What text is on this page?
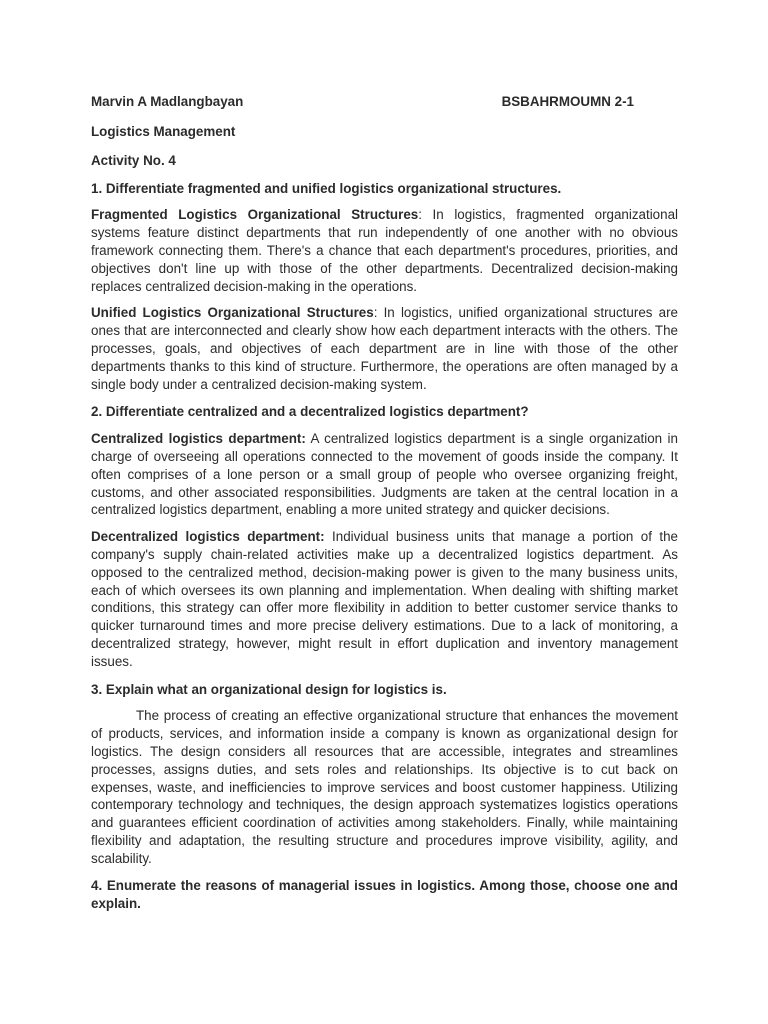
Marvin A Madlangbayan	BSBAHRMOUMN 2-1
Logistics Management
Activity No. 4
1. Differentiate fragmented and unified logistics organizational structures.
Fragmented Logistics Organizational Structures: In logistics, fragmented organizational systems feature distinct departments that run independently of one another with no obvious framework connecting them. There's a chance that each department's procedures, priorities, and objectives don't line up with those of the other departments. Decentralized decision-making replaces centralized decision-making in the operations.
Unified Logistics Organizational Structures: In logistics, unified organizational structures are ones that are interconnected and clearly show how each department interacts with the others. The processes, goals, and objectives of each department are in line with those of the other departments thanks to this kind of structure. Furthermore, the operations are often managed by a single body under a centralized decision-making system.
2. Differentiate centralized and a decentralized logistics department?
Centralized logistics department: A centralized logistics department is a single organization in charge of overseeing all operations connected to the movement of goods inside the company. It often comprises of a lone person or a small group of people who oversee organizing freight, customs, and other associated responsibilities. Judgments are taken at the central location in a centralized logistics department, enabling a more united strategy and quicker decisions.
Decentralized logistics department: Individual business units that manage a portion of the company's supply chain-related activities make up a decentralized logistics department. As opposed to the centralized method, decision-making power is given to the many business units, each of which oversees its own planning and implementation. When dealing with shifting market conditions, this strategy can offer more flexibility in addition to better customer service thanks to quicker turnaround times and more precise delivery estimations. Due to a lack of monitoring, a decentralized strategy, however, might result in effort duplication and inventory management issues.
3. Explain what an organizational design for logistics is.
The process of creating an effective organizational structure that enhances the movement of products, services, and information inside a company is known as organizational design for logistics. The design considers all resources that are accessible, integrates and streamlines processes, assigns duties, and sets roles and relationships. Its objective is to cut back on expenses, waste, and inefficiencies to improve services and boost customer happiness. Utilizing contemporary technology and techniques, the design approach systematizes logistics operations and guarantees efficient coordination of activities among stakeholders. Finally, while maintaining flexibility and adaptation, the resulting structure and procedures improve visibility, agility, and scalability.
4. Enumerate the reasons of managerial issues in logistics. Among those, choose one and explain.
